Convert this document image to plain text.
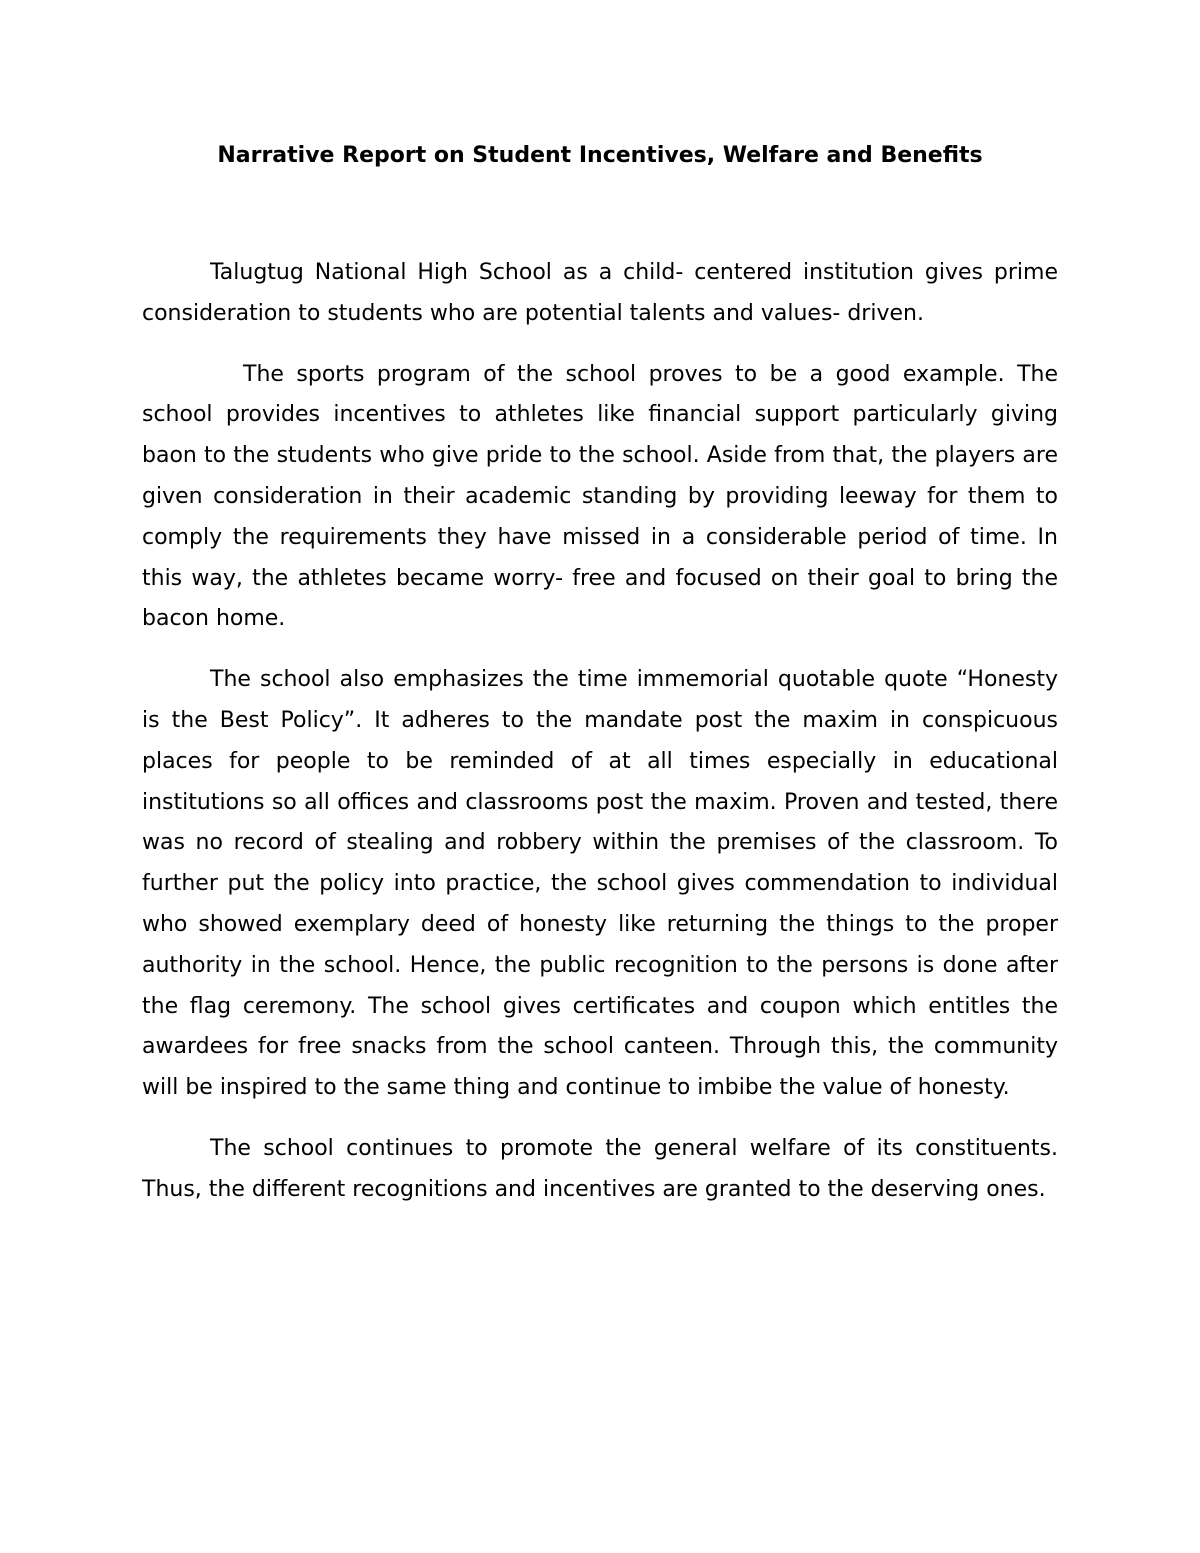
Narrative Report on Student Incentives, Welfare and Benefits

Talugtug National High School as a child- centered institution gives prime consideration to students who are potential talents and values- driven.

The sports program of the school proves to be a good example. The school provides incentives to athletes like financial support particularly giving baon to the students who give pride to the school. Aside from that, the players are given consideration in their academic standing by providing leeway for them to comply the requirements they have missed in a considerable period of time. In this way, the athletes became worry- free and focused on their goal to bring the bacon home.

The school also emphasizes the time immemorial quotable quote “Honesty is the Best Policy”. It adheres to the mandate post the maxim in conspicuous places for people to be reminded of at all times especially in educational institutions so all offices and classrooms post the maxim. Proven and tested, there was no record of stealing and robbery within the premises of the classroom. To further put the policy into practice, the school gives commendation to individual who showed exemplary deed of honesty like returning the things to the proper authority in the school. Hence, the public recognition to the persons is done after the flag ceremony. The school gives certificates and coupon which entitles the awardees for free snacks from the school canteen. Through this, the community will be inspired to the same thing and continue to imbibe the value of honesty.

The school continues to promote the general welfare of its constituents. Thus, the different recognitions and incentives are granted to the deserving ones.
